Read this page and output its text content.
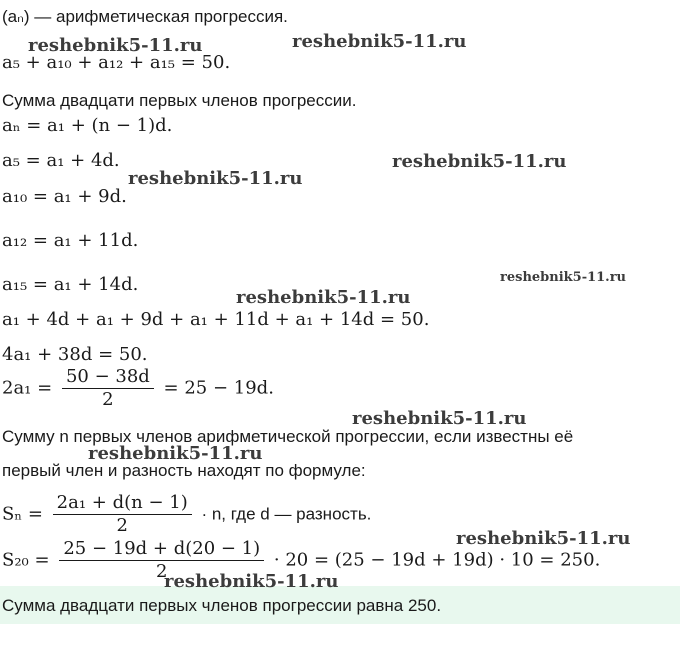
(aₙ) — арифметическая прогрессия.
a₅ + a₁₀ + a₁₂ + a₁₅ = 50.
Сумма двадцати первых членов прогрессии.
aₙ = a₁ + (n − 1)d.
a₅ = a₁ + 4d.
a₁₀ = a₁ + 9d.
a₁₂ = a₁ + 11d.
a₁₅ = a₁ + 14d.
a₁ + 4d + a₁ + 9d + a₁ + 11d + a₁ + 14d = 50.
4a₁ + 38d = 50.
$2a_1 = \frac{50 - 38d}{2} = 25 - 19d$.
Сумму n первых членов арифметической прогрессии, если известны её
первый член и разность находят по формуле:
$S_n = \frac{\text{2a₁ + d(n − 1)}}{2} \cdot n$, где d — разность.
$S_{20} = \frac{25 - 19d + d(20 - 1)}{2} \cdot 20 = (25 - 19d + 19d) \cdot 10 = 250$.
Сумма двадцати первых членов прогрессии равна 250.
reshebnik5-11.ru	reshebnik5-11.ru
reshebnik5-11.ru
reshebnik5-11.ru
reshebnik5-11.ru
reshebnik5-11.ru
reshebnik5-11.ru
reshebnik5-11.ru
reshebnik5-11.ru
reshebnik5-11.ru
